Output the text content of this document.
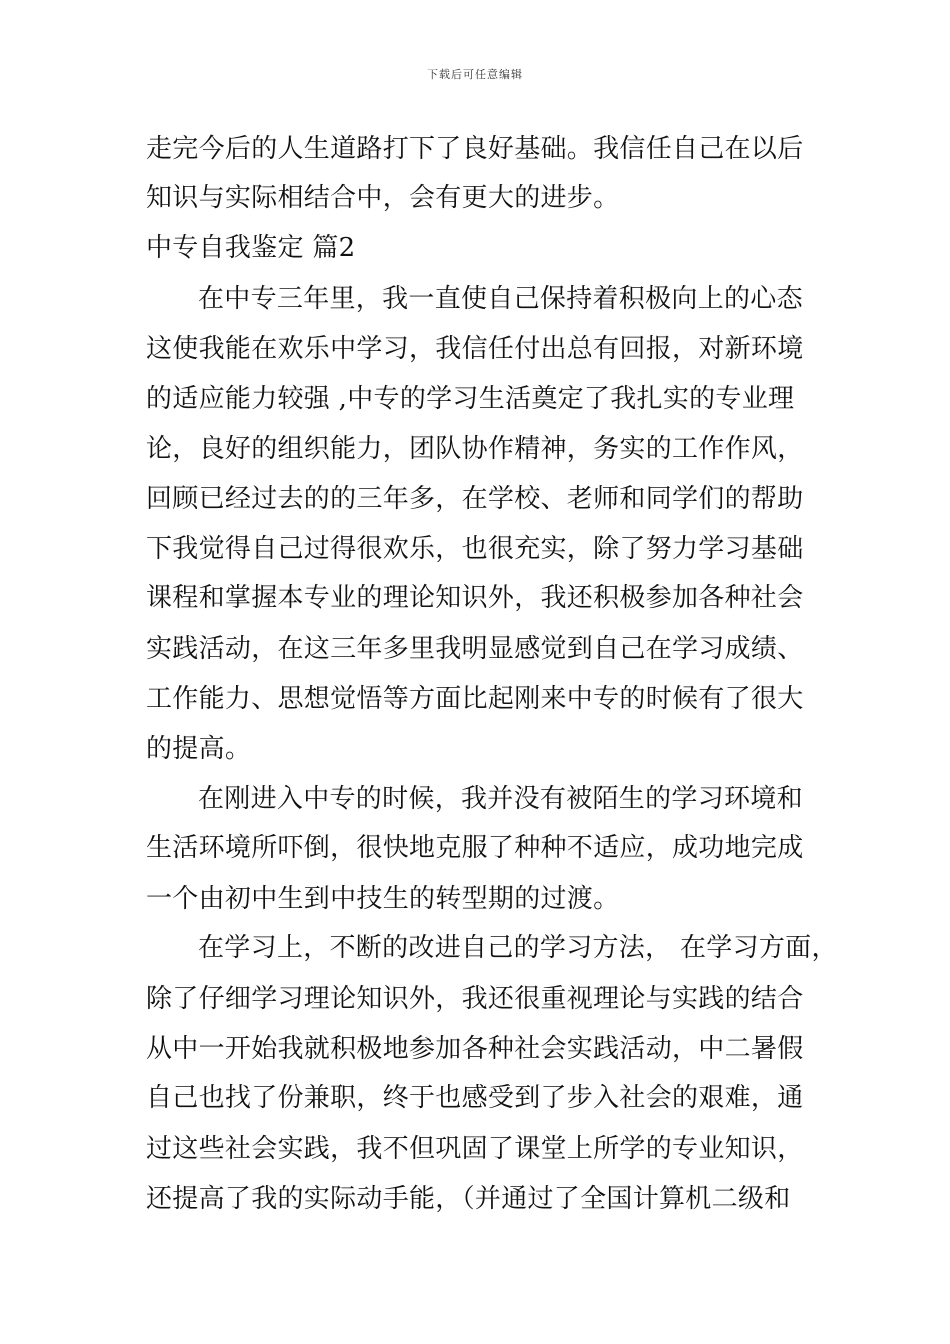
下载后可任意编辑
走完今后的人生道路打下了良好基础。我信任自己在以后
知识与实际相结合中，会有更大的进步。
中专自我鉴定 篇2
在中专三年里，我一直使自己保持着积极向上的心态
这使我能在欢乐中学习，我信任付出总有回报，对新环境
的适应能力较强 ,中专的学习生活奠定了我扎实的专业理
论，良好的组织能力，团队协作精神，务实的工作作风，
回顾已经过去的的三年多，在学校、老师和同学们的帮助
下我觉得自己过得很欢乐，也很充实，除了努力学习基础
课程和掌握本专业的理论知识外，我还积极参加各种社会
实践活动，在这三年多里我明显感觉到自己在学习成绩、
工作能力、思想觉悟等方面比起刚来中专的时候有了很大
的提高。
在刚进入中专的时候，我并没有被陌生的学习环境和
生活环境所吓倒，很快地克服了种种不适应，成功地完成
一个由初中生到中技生的转型期的过渡。
在学习上，不断的改进自己的学习方法， 在学习方面，
除了仔细学习理论知识外，我还很重视理论与实践的结合
从中一开始我就积极地参加各种社会实践活动，中二暑假
自己也找了份兼职，终于也感受到了步入社会的艰难，通
过这些社会实践，我不但巩固了课堂上所学的专业知识，
还提高了我的实际动手能，（并通过了全国计算机二级和
